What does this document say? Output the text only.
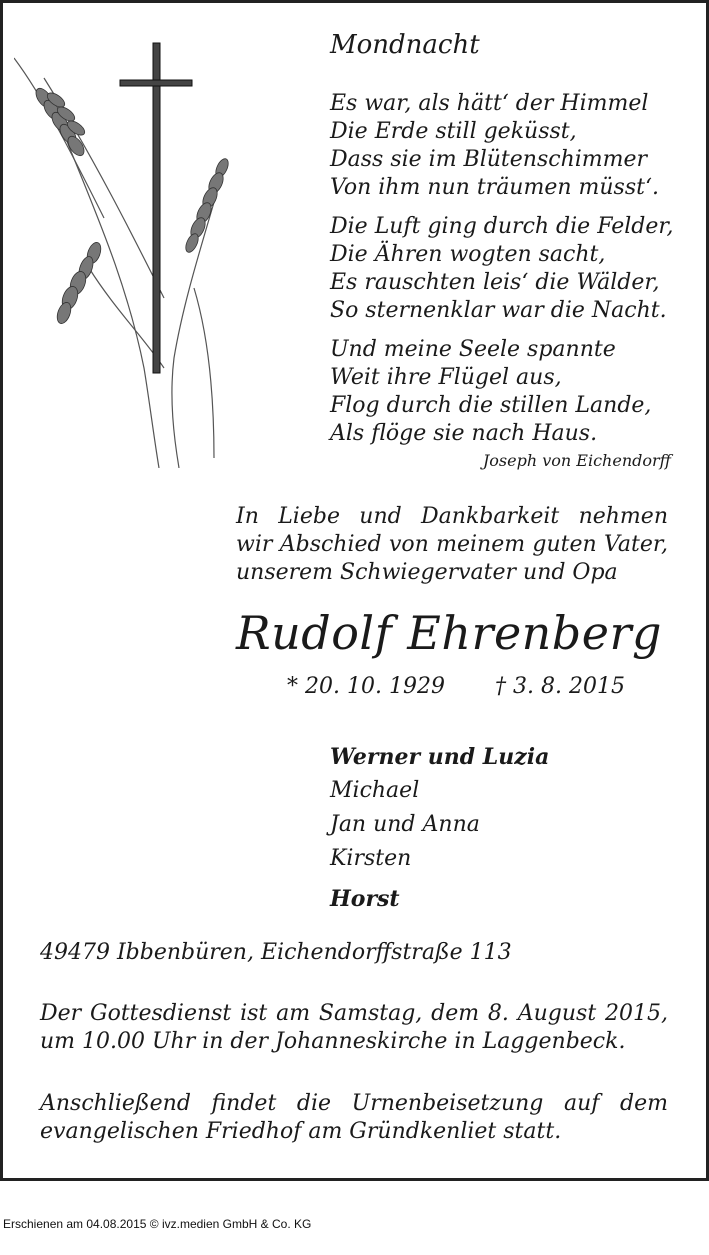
Mondnacht
Es war, als hätt‘ der Himmel
Die Erde still geküsst,
Dass sie im Blütenschimmer
Von ihm nun träumen müsst‘.
Die Luft ging durch die Felder,
Die Ähren wogten sacht,
Es rauschten leis‘ die Wälder,
So sternenklar war die Nacht.
Und meine Seele spannte
Weit ihre Flügel aus,
Flog durch die stillen Lande,
Als flöge sie nach Haus.
Joseph von Eichendorff
In Liebe und Dankbarkeit nehmen
wir Abschied von meinem guten Vater,
unserem Schwiegervater und Opa
Rudolf Ehrenberg
* 20. 10. 1929 † 3. 8. 2015
Werner und Luzia
Michael
Jan und Anna
Kirsten
Horst
49479 Ibbenbüren, Eichendorffstraße 113
Der Gottesdienst ist am Samstag, dem 8. August 2015,
um 10.00 Uhr in der Johanneskirche in Laggenbeck.
Anschließend findet die Urnenbeisetzung auf dem
evangelischen Friedhof am Gründkenliet statt.
Erschienen am 04.08.2015 © ivz.medien GmbH & Co. KG
